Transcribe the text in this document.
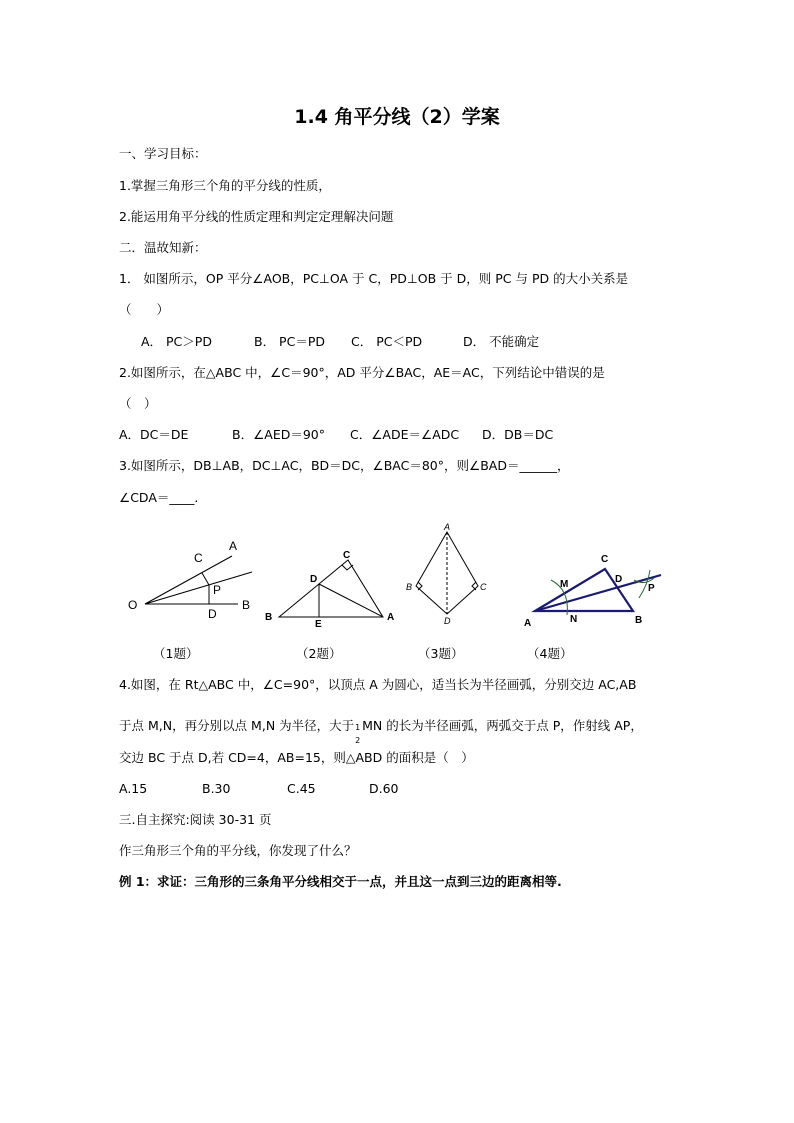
1.4 角平分线（2）学案
一、学习目标：
1.掌握三角形三个角的平分线的性质，
2.能运用角平分线的性质定理和判定定理解决问题
二．温故知新：
1． 如图所示，OP 平分∠AOB，PC⊥OA 于 C，PD⊥OB 于 D，则 PC 与 PD 的大小关系是
（　　）
A． PC＞PD	B． PC＝PD C． PC＜PD	D． 不能确定
2.如图所示，在△ABC 中，∠C＝90°，AD 平分∠BAC，AE＝AC，下列结论中错误的是
（　）
A．DC＝DE	B．∠AED＝90° C．∠ADE＝∠ADC D．DB＝DC
3.如图所示，DB⊥AB，DC⊥AC，BD＝DC，∠BAC＝80°，则∠BAD＝______，
∠CDA＝____.
C
A
P
O
D
B
C
D
B
E
A
A
B	C
D
C
M	D
P
A	N	B
（1题）	（2题）	（3题）	（4题）
4.如图，在 Rt△ABC 中，∠C=90°，以顶点 A 为圆心，适当长为半径画弧，分别交边 AC,AB
于点 M,N，再分别以点 M,N 为半径，大于 1
2
MN 的长为半径画弧，两弧交于点 P，作射线 AP，
交边 BC 于点 D,若 CD=4，AB=15，则△ABD 的面积是（　）
A.15	B.30	C.45	D.60
三.自主探究:阅读 30-31 页
作三角形三个角的平分线，你发现了什么？
例 1：求证：三角形的三条角平分线相交于一点，并且这一点到三边的距离相等.
